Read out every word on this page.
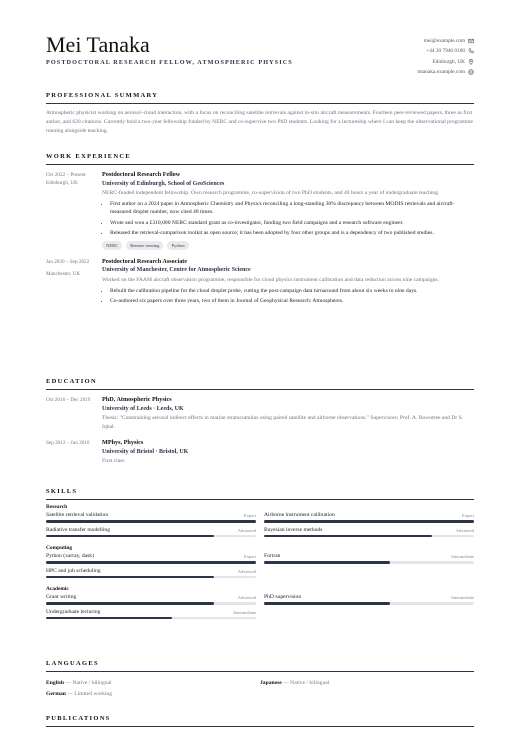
Mei Tanaka
POSTDOCTORAL RESEARCH FELLOW, ATMOSPHERIC PHYSICS
mei@example.com
+44 20 7946 0100
Edinburgh, UK
mtanaka.example.com
PROFESSIONAL SUMMARY
Atmospheric physicist working on aerosol–cloud interaction, with a focus on reconciling satellite retrievals against in-situ aircraft measurements. Fourteen peer-reviewed papers, three as first author, and 620 citations. Currently hold a two-year fellowship funded by NERC and co-supervise two PhD students. Looking for a lectureship where I can keep the observational programme running alongside teaching.
WORK EXPERIENCE
Oct 2022 – Present
Edinburgh, UK
Postdoctoral Research Fellow
University of Edinburgh, School of GeoSciences
NERC-funded independent fellowship. Own research programme, co-supervision of two PhD students, and 40 hours a year of undergraduate teaching.
• First author on a 2024 paper in Atmospheric Chemistry and Physics reconciling a long-standing 30% discrepancy between MODIS retrievals and aircraft-measured droplet number, now cited 48 times.
• Wrote and won a £310,000 NERC standard grant as co-investigator, funding two field campaigns and a research software engineer.
• Released the retrieval-comparison toolkit as open source; it has been adopted by four other groups and is a dependency of two published studies.
NERC	Remote sensing	Python
Jan 2020 – Sep 2022
Manchester, UK
Postdoctoral Research Associate
University of Manchester, Centre for Atmospheric Science
Worked on the FAAM aircraft observation programme; responsible for cloud physics instrument calibration and data reduction across nine campaigns.
• Rebuilt the calibration pipeline for the cloud droplet probe, cutting the post-campaign data turnaround from about six weeks to nine days.
• Co-authored six papers over three years, two of them in Journal of Geophysical Research: Atmospheres.
EDUCATION
Oct 2016 – Dec 2019	PhD, Atmospheric Physics
University of Leeds · Leeds, UK
Thesis: "Constraining aerosol indirect effects in marine stratocumulus using paired satellite and airborne observations." Supervisors: Prof. A. Rowntree and Dr S. Iqbal.
Sep 2012 – Jun 2016	MPhys, Physics
University of Bristol · Bristol, UK
First class
SKILLS
Research
Satellite retrieval validation	Expert Airborne instrument calibration	Expert
Radiative transfer modelling	Advanced Bayesian inverse methods	Advanced
Computing
Python (xarray, dask)	Expert Fortran	Intermediate
HPC and job scheduling	Advanced
Academic
Grant writing	Advanced PhD supervision	Intermediate
Undergraduate lecturing	Intermediate
LANGUAGES
English — Native / bilingual	Japanese — Native / bilingual
German — Limited working
PUBLICATIONS
